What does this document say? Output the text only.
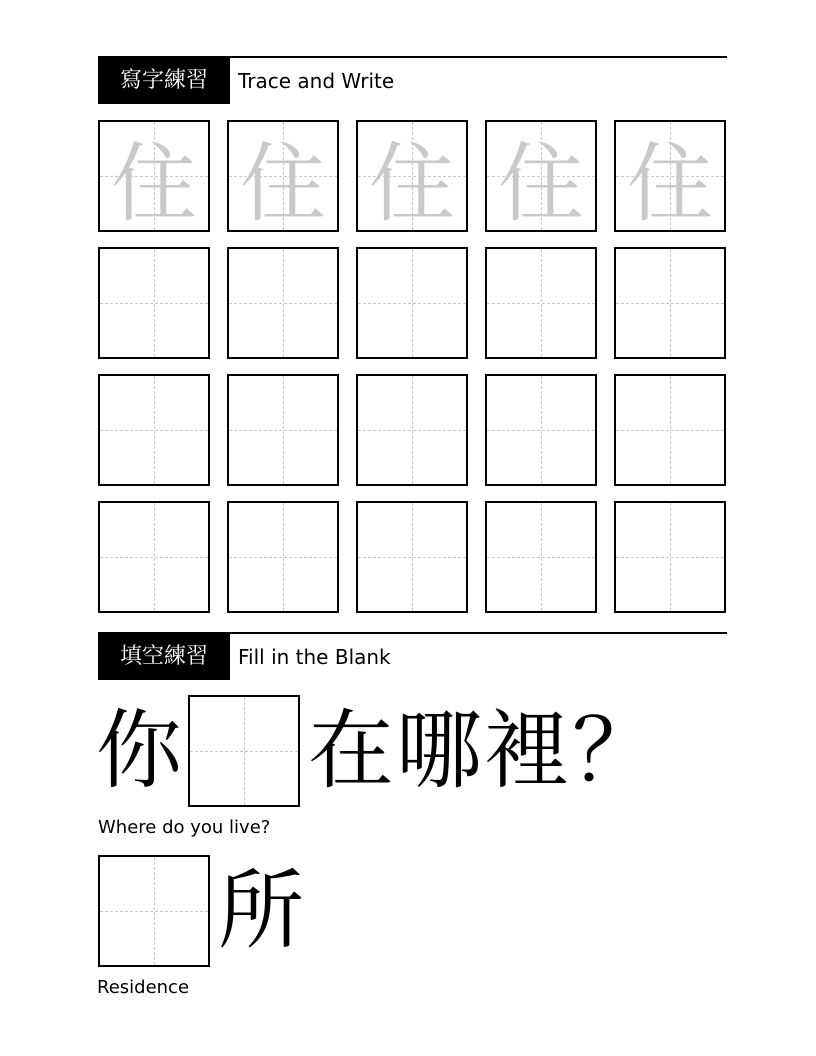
寫字練習	Trace and Write
住 住 住 住 住
填空練習	Fill in the Blank
你 在哪裡？
Where do you live?
所
Residence
